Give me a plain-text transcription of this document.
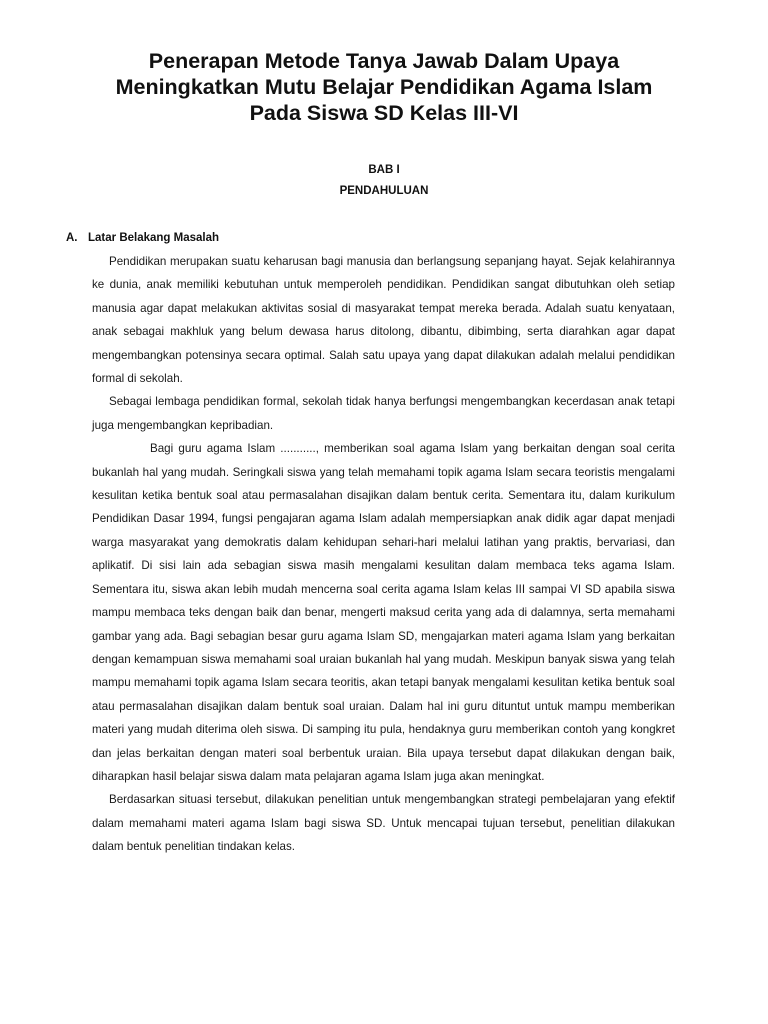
Penerapan Metode Tanya Jawab Dalam Upaya
Meningkatkan Mutu Belajar Pendidikan Agama Islam
Pada Siswa SD Kelas III-VI
BAB I
PENDAHULUAN
A. Latar Belakang Masalah

Pendidikan merupakan suatu keharusan bagi manusia dan berlangsung sepanjang hayat. Sejak kelahirannya ke dunia, anak memiliki kebutuhan untuk memperoleh pendidikan. Pendidikan sangat dibutuhkan oleh setiap manusia agar dapat melakukan aktivitas sosial di masyarakat tempat mereka berada. Adalah suatu kenyataan, anak sebagai makhluk yang belum dewasa harus ditolong, dibantu, dibimbing, serta diarahkan agar dapat mengembangkan potensinya secara optimal. Salah satu upaya yang dapat dilakukan adalah melalui pendidikan formal di sekolah.

Sebagai lembaga pendidikan formal, sekolah tidak hanya berfungsi mengembangkan kecerdasan anak tetapi juga mengembangkan kepribadian.

Bagi guru agama Islam ..........., memberikan soal agama Islam yang berkaitan dengan soal cerita bukanlah hal yang mudah. Seringkali siswa yang telah memahami topik agama Islam secara teoristis mengalami kesulitan ketika bentuk soal atau permasalahan disajikan dalam bentuk cerita. Sementara itu, dalam kurikulum Pendidikan Dasar 1994, fungsi pengajaran agama Islam adalah mempersiapkan anak didik agar dapat menjadi warga masyarakat yang demokratis dalam kehidupan sehari-hari melalui latihan yang praktis, bervariasi, dan aplikatif. Di sisi lain ada sebagian siswa masih mengalami kesulitan dalam membaca teks agama Islam. Sementara itu, siswa akan lebih mudah mencerna soal cerita agama Islam kelas III sampai VI SD apabila siswa mampu membaca teks dengan baik dan benar, mengerti maksud cerita yang ada di dalamnya, serta memahami gambar yang ada. Bagi sebagian besar guru agama Islam SD, mengajarkan materi agama Islam yang berkaitan dengan kemampuan siswa memahami soal uraian bukanlah hal yang mudah. Meskipun banyak siswa yang telah mampu memahami topik agama Islam secara teoritis, akan tetapi banyak mengalami kesulitan ketika bentuk soal atau permasalahan disajikan dalam bentuk soal uraian. Dalam hal ini guru dituntut untuk mampu memberikan materi yang mudah diterima oleh siswa. Di samping itu pula, hendaknya guru memberikan contoh yang kongkret dan jelas berkaitan dengan materi soal berbentuk uraian. Bila upaya tersebut dapat dilakukan dengan baik, diharapkan hasil belajar siswa dalam mata pelajaran agama Islam juga akan meningkat.

Berdasarkan situasi tersebut, dilakukan penelitian untuk mengembangkan strategi pembelajaran yang efektif dalam memahami materi agama Islam bagi siswa SD. Untuk mencapai tujuan tersebut, penelitian dilakukan dalam bentuk penelitian tindakan kelas.
